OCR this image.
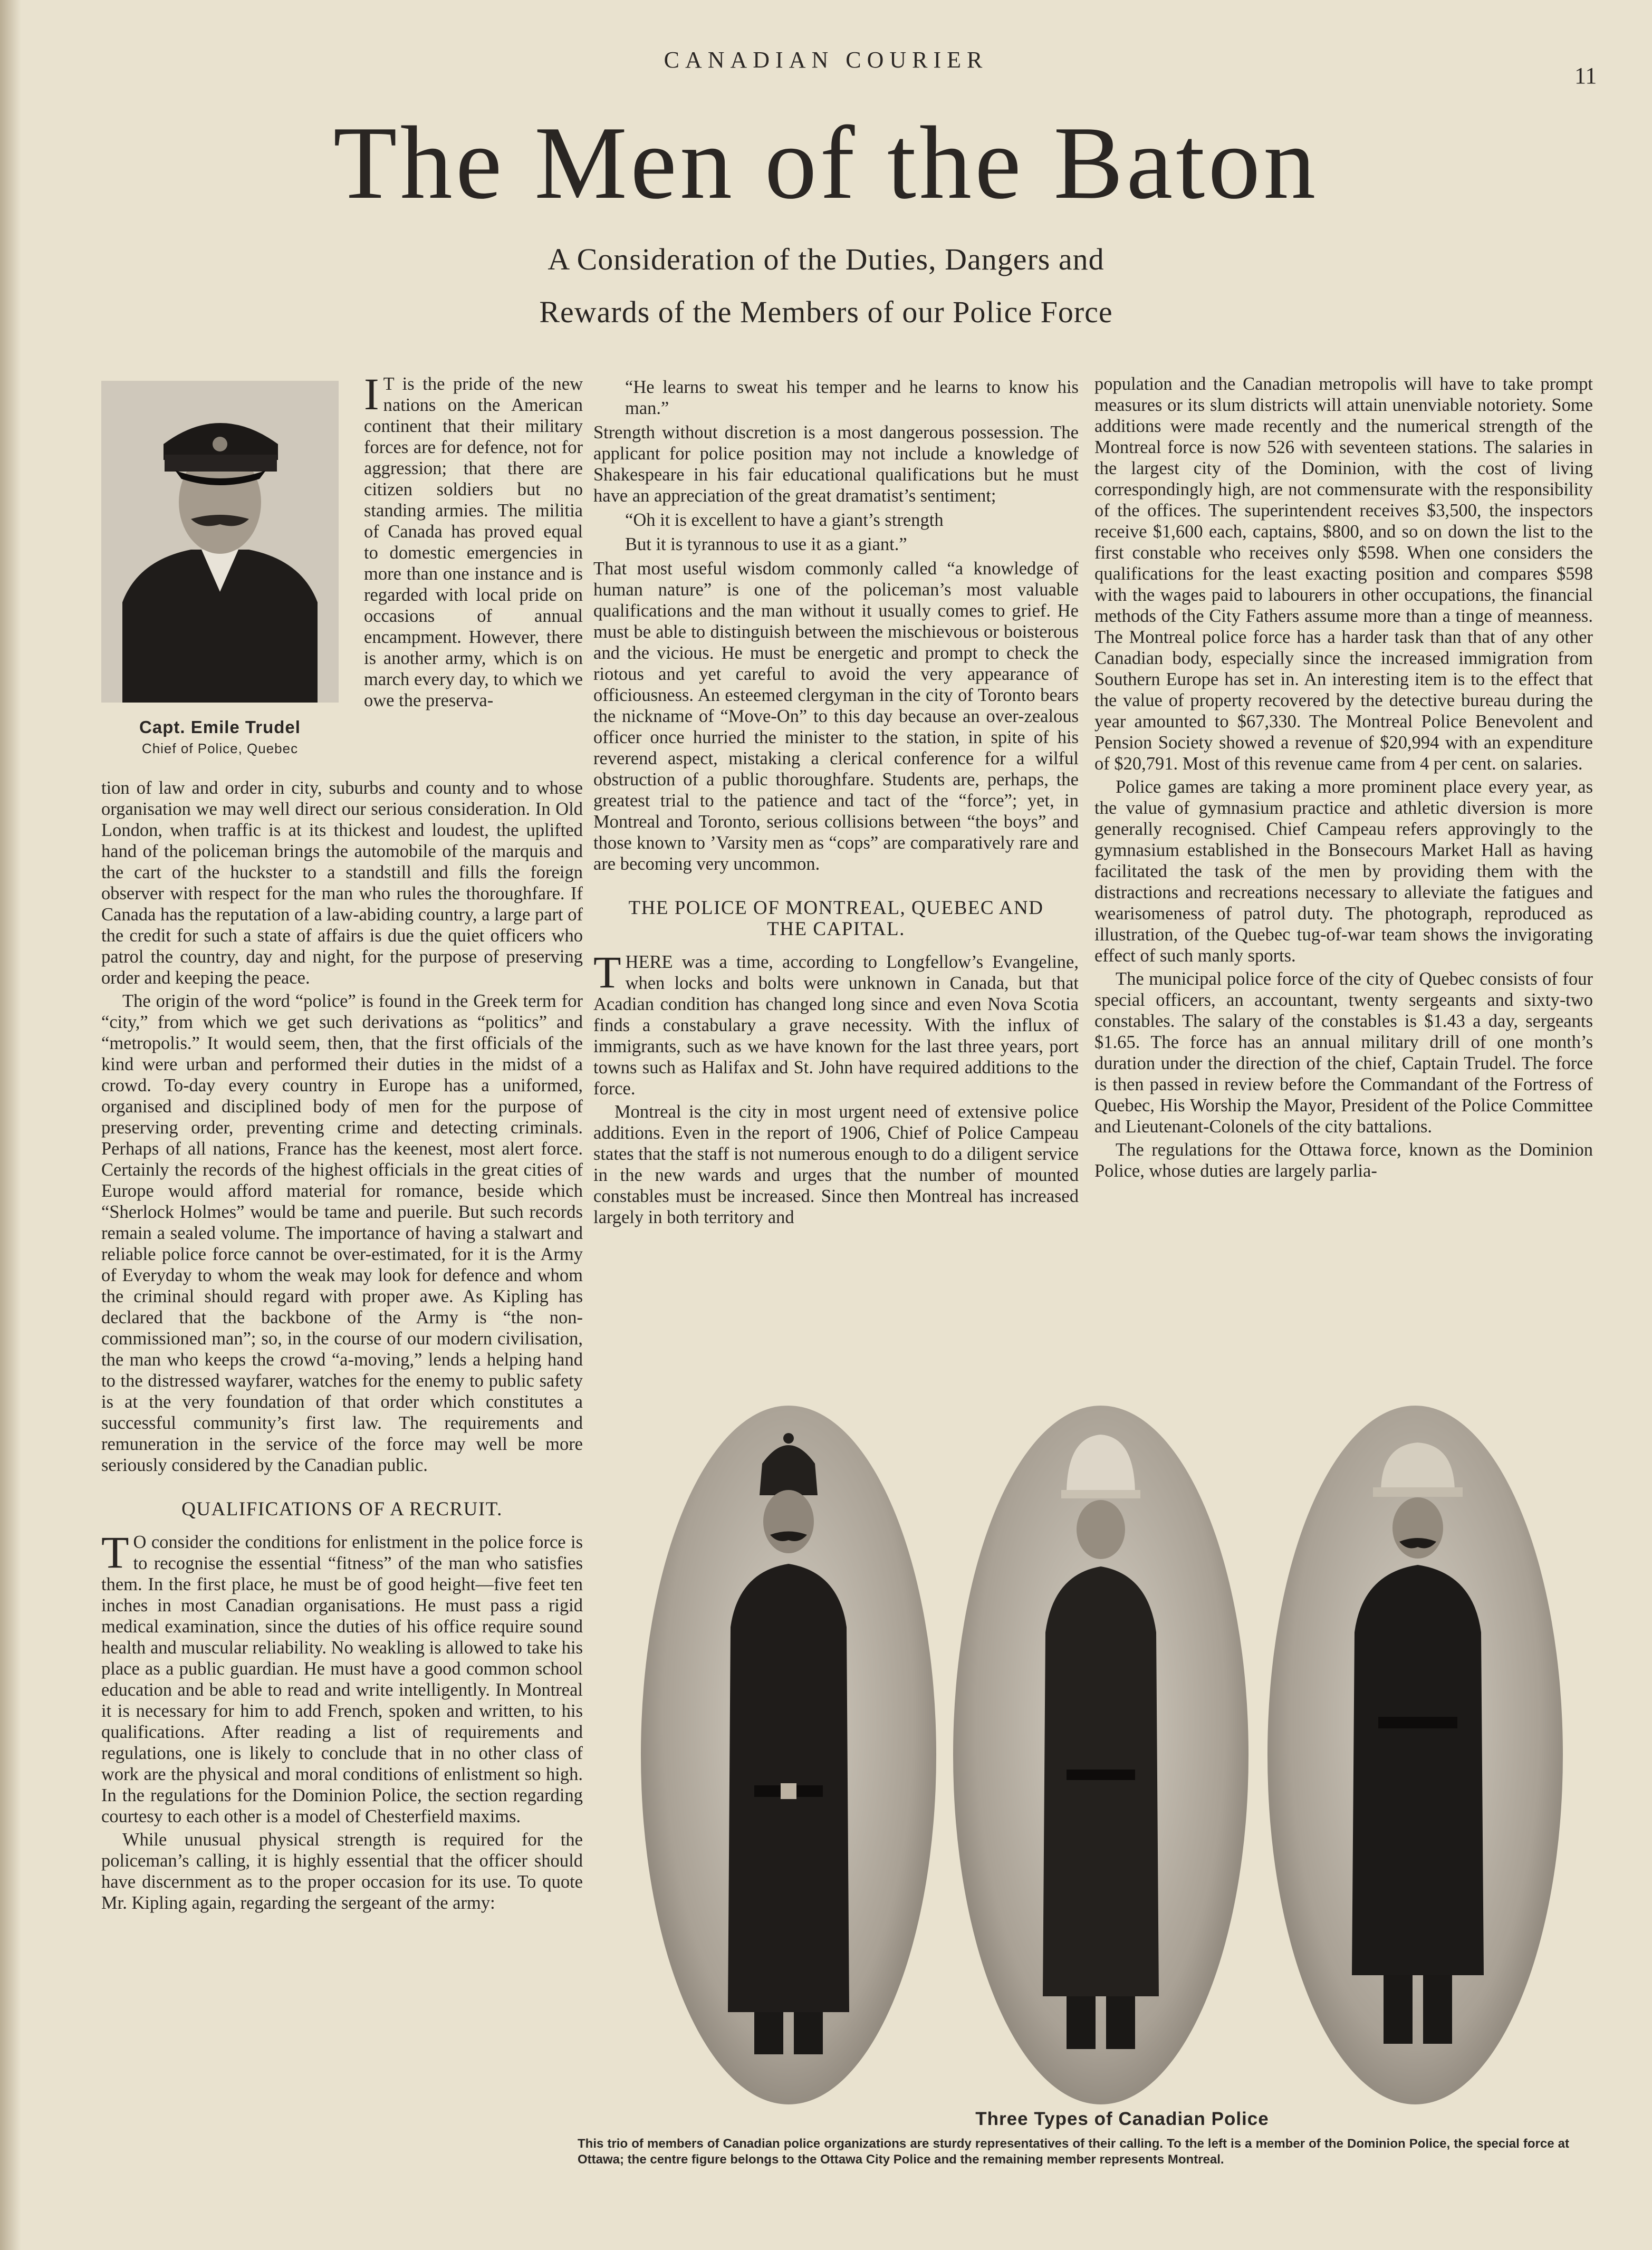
CANADIAN COURIER
11
The Men of the Baton
A Consideration of the Duties, Dangers and
Rewards of the Members of our Police Force
Capt. Emile Trudel
Chief of Police, Quebec

I T is the pride of the new nations on the American continent that their military forces are for defence, not for aggression; that there are citizen soldiers but no standing armies. The militia of Canada has proved equal to domestic emergencies in more than one instance and is regarded with local pride on occasions of annual encampment. However, there is another army, which is on march every day, to which we owe the preserva-

tion of law and order in city, suburbs and county and to whose organisation we may well direct our serious consideration. In Old London, when traffic is at its thickest and loudest, the uplifted hand of the policeman brings the automobile of the marquis and the cart of the huckster to a standstill and fills the foreign observer with respect for the man who rules the thoroughfare. If Canada has the reputation of a law-abiding country, a large part of the credit for such a state of affairs is due the quiet officers who patrol the country, day and night, for the purpose of preserving order and keeping the peace.

The origin of the word “police” is found in the Greek term for “city,” from which we get such derivations as “politics” and “metropolis.” It would seem, then, that the first officials of the kind were urban and performed their duties in the midst of a crowd. To-day every country in Europe has a uniformed, organised and disciplined body of men for the purpose of preserving order, preventing crime and detecting criminals. Perhaps of all nations, France has the keenest, most alert force. Certainly the records of the highest officials in the great cities of Europe would afford material for romance, beside which “Sherlock Holmes” would be tame and puerile. But such records remain a sealed volume. The importance of having a stalwart and reliable police force cannot be over-estimated, for it is the Army of Everyday to whom the weak may look for defence and whom the criminal should regard with proper awe. As Kipling has declared that the backbone of the Army is “the non-commissioned man”; so, in the course of our modern civilisation, the man who keeps the crowd “a-moving,” lends a helping hand to the distressed wayfarer, watches for the enemy to public safety is at the very foundation of that order which constitutes a successful community’s first law. The requirements and remuneration in the service of the force may well be more seriously considered by the Canadian public.

QUALIFICATIONS OF A RECRUIT.

T O consider the conditions for enlistment in the police force is to recognise the essential “fitness” of the man who satisfies them. In the first place, he must be of good height—five feet ten inches in most Canadian organisations. He must pass a rigid medical examination, since the duties of his office require sound health and muscular reliability. No weakling is allowed to take his place as a public guardian. He must have a good common school education and be able to read and write intelligently. In Montreal it is necessary for him to add French, spoken and written, to his qualifications. After reading a list of requirements and regulations, one is likely to conclude that in no other class of work are the physical and moral conditions of enlistment so high. In the regulations for the Dominion Police, the section regarding courtesy to each other is a model of Chesterfield maxims.

While unusual physical strength is required for the policeman’s calling, it is highly essential that the officer should have discernment as to the proper occasion for its use. To quote Mr. Kipling again, regarding the sergeant of the army:

“He learns to sweat his temper and he learns to know his man.”

Strength without discretion is a most dangerous possession. The applicant for police position may not include a knowledge of Shakespeare in his fair educational qualifications but he must have an appreciation of the great dramatist’s sentiment;

“Oh it is excellent to have a giant’s strength

But it is tyrannous to use it as a giant.”

That most useful wisdom commonly called “a knowledge of human nature” is one of the policeman’s most valuable qualifications and the man without it usually comes to grief. He must be able to distinguish between the mischievous or boisterous and the vicious. He must be energetic and prompt to check the riotous and yet careful to avoid the very appearance of officiousness. An esteemed clergyman in the city of Toronto bears the nickname of “Move-On” to this day because an over-zealous officer once hurried the minister to the station, in spite of his reverend aspect, mistaking a clerical conference for a wilful obstruction of a public thoroughfare. Students are, perhaps, the greatest trial to the patience and tact of the “force”; yet, in Montreal and Toronto, serious collisions between “the boys” and those known to ’Varsity men as “cops” are comparatively rare and are becoming very uncommon.

THE POLICE OF MONTREAL, QUEBEC AND
THE CAPITAL.

THERE was a time, according to Longfellow’s Evangeline, when locks and bolts were unknown in Canada, but that Acadian condition has changed long since and even Nova Scotia finds a constabulary a grave necessity. With the influx of immigrants, such as we have known for the last three years, port towns such as Halifax and St. John have required additions to the force.

Montreal is the city in most urgent need of extensive police additions. Even in the report of 1906, Chief of Police Campeau states that the staff is not numerous enough to do a diligent service in the new wards and urges that the number of mounted constables must be increased. Since then Montreal has increased largely in both territory and

population and the Canadian metropolis will have to take prompt measures or its slum districts will attain unenviable notoriety. Some additions were made recently and the numerical strength of the Montreal force is now 526 with seventeen stations. The salaries in the largest city of the Dominion, with the cost of living correspondingly high, are not commensurate with the responsibility of the offices. The superintendent receives $3,500, the inspectors receive $1,600 each, captains, $800, and so on down the list to the first constable who receives only $598. When one considers the qualifications for the least exacting position and compares $598 with the wages paid to labourers in other occupations, the financial methods of the City Fathers assume more than a tinge of meanness. The Montreal police force has a harder task than that of any other Canadian body, especially since the increased immigration from Southern Europe has set in. An interesting item is to the effect that the value of property recovered by the detective bureau during the year amounted to $67,330. The Montreal Police Benevolent and Pension Society showed a revenue of $20,994 with an expenditure of $20,791. Most of this revenue came from 4 per cent. on salaries.

Police games are taking a more prominent place every year, as the value of gymnasium practice and athletic diversion is more generally recognised. Chief Campeau refers approvingly to the gymnasium established in the Bonsecours Market Hall as having facilitated the task of the men by providing them with the distractions and recreations necessary to alleviate the fatigues and wearisomeness of patrol duty. The photograph, reproduced as illustration, of the Quebec tug-of-war team shows the invigorating effect of such manly sports.

The municipal police force of the city of Quebec consists of four special officers, an accountant, twenty sergeants and sixty-two constables. The salary of the constables is $1.43 a day, sergeants $1.65. The force has an annual military drill of one month’s duration under the direction of the chief, Captain Trudel. The force is then passed in review before the Commandant of the Fortress of Quebec, His Worship the Mayor, President of the Police Committee and Lieutenant-Colonels of the city battalions.

The regulations for the Ottawa force, known as the Dominion Police, whose duties are largely parlia-

Three Types of Canadian Police
This trio of members of Canadian police organizations are sturdy representatives of their calling. To the left is a member of the Dominion Police, the special force at Ottawa; the centre figure belongs to the Ottawa City Police and the remaining member represents Montreal.
